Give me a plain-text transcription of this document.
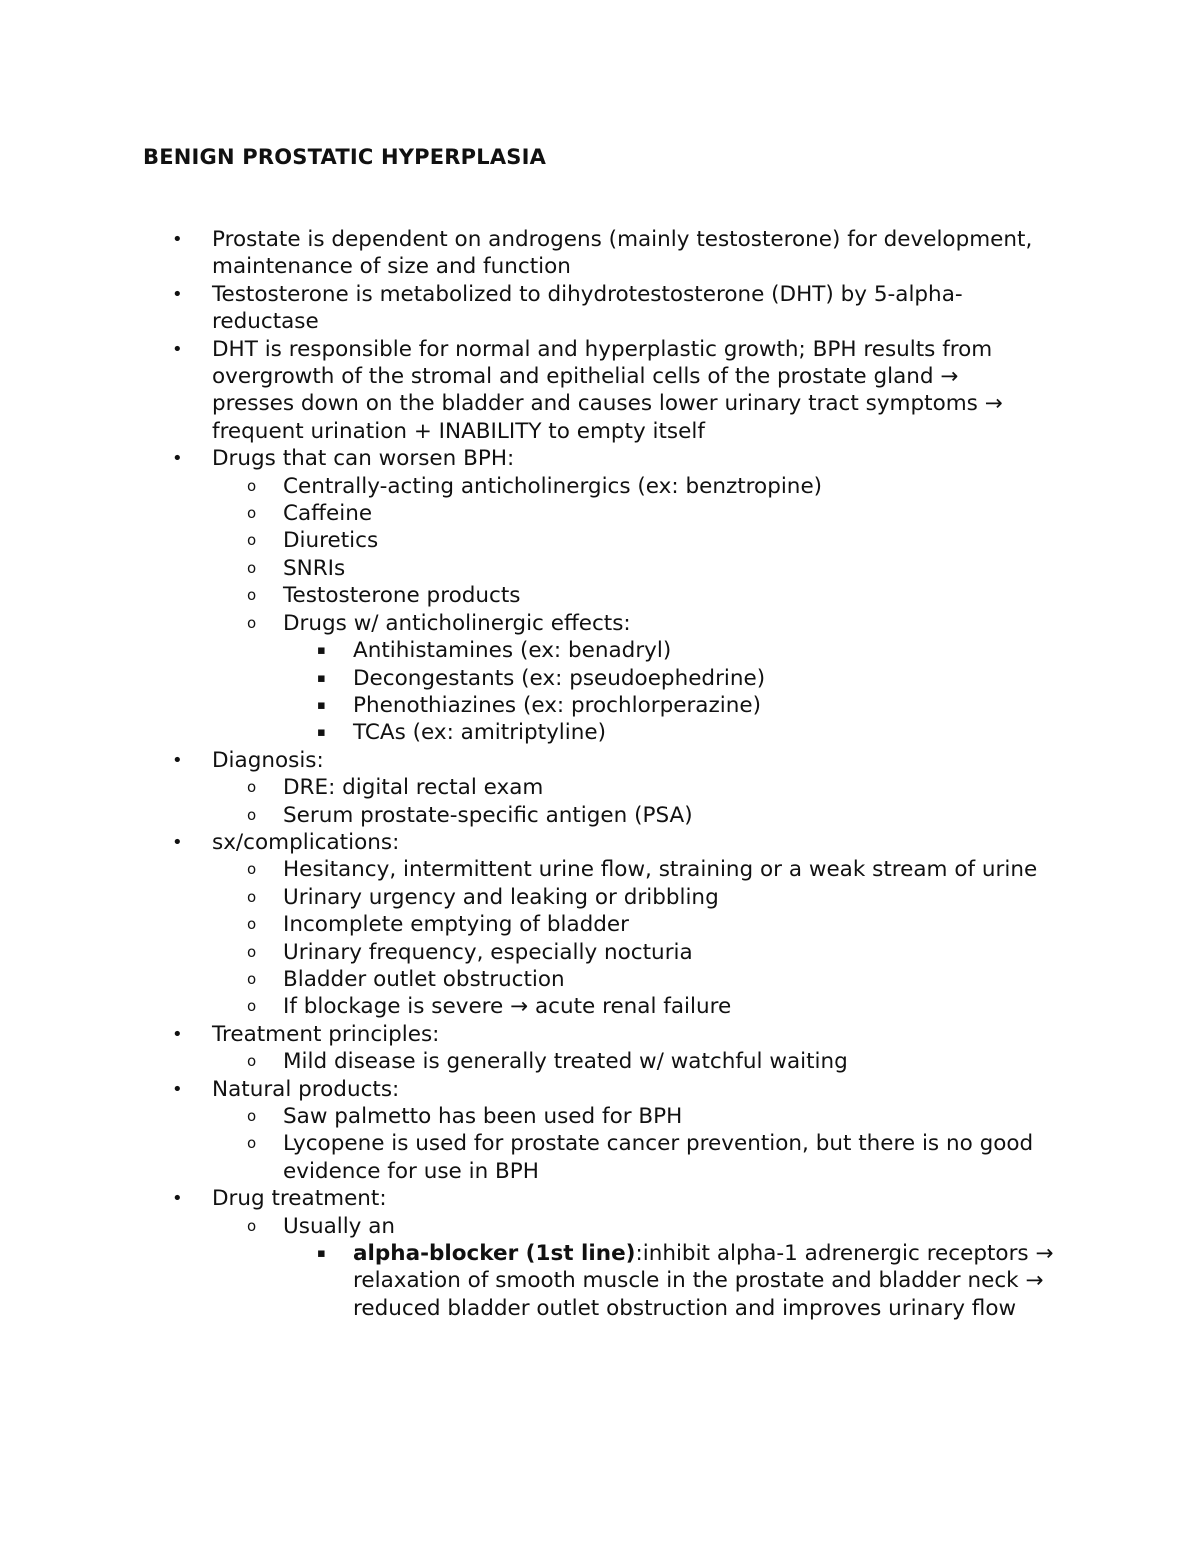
BENIGN PROSTATIC HYPERPLASIA
• Prostate is dependent on androgens (mainly testosterone) for development, maintenance of size and function
• Testosterone is metabolized to dihydrotestosterone (DHT) by 5-alpha-reductase
• DHT is responsible for normal and hyperplastic growth; BPH results from overgrowth of the stromal and epithelial cells of the prostate gland → presses down on the bladder and causes lower urinary tract symptoms → frequent urination + INABILITY to empty itself
• Drugs that can worsen BPH:
o Centrally-acting anticholinergics (ex: benztropine)
o Caffeine
o Diuretics
o SNRIs
o Testosterone products
o Drugs w/ anticholinergic effects:
▪ Antihistamines (ex: benadryl)
▪ Decongestants (ex: pseudoephedrine)
▪ Phenothiazines (ex: prochlorperazine)
▪ TCAs (ex: amitriptyline)
• Diagnosis:
o DRE: digital rectal exam
o Serum prostate-specific antigen (PSA)
• sx/complications:
o Hesitancy, intermittent urine flow, straining or a weak stream of urine
o Urinary urgency and leaking or dribbling
o Incomplete emptying of bladder
o Urinary frequency, especially nocturia
o Bladder outlet obstruction
o If blockage is severe → acute renal failure
• Treatment principles:
o Mild disease is generally treated w/ watchful waiting
• Natural products:
o Saw palmetto has been used for BPH
o Lycopene is used for prostate cancer prevention, but there is no good evidence for use in BPH
• Drug treatment:
o Usually an
▪ alpha-blocker (1st line):inhibit alpha-1 adrenergic receptors → relaxation of smooth muscle in the prostate and bladder neck → reduced bladder outlet obstruction and improves urinary flow
